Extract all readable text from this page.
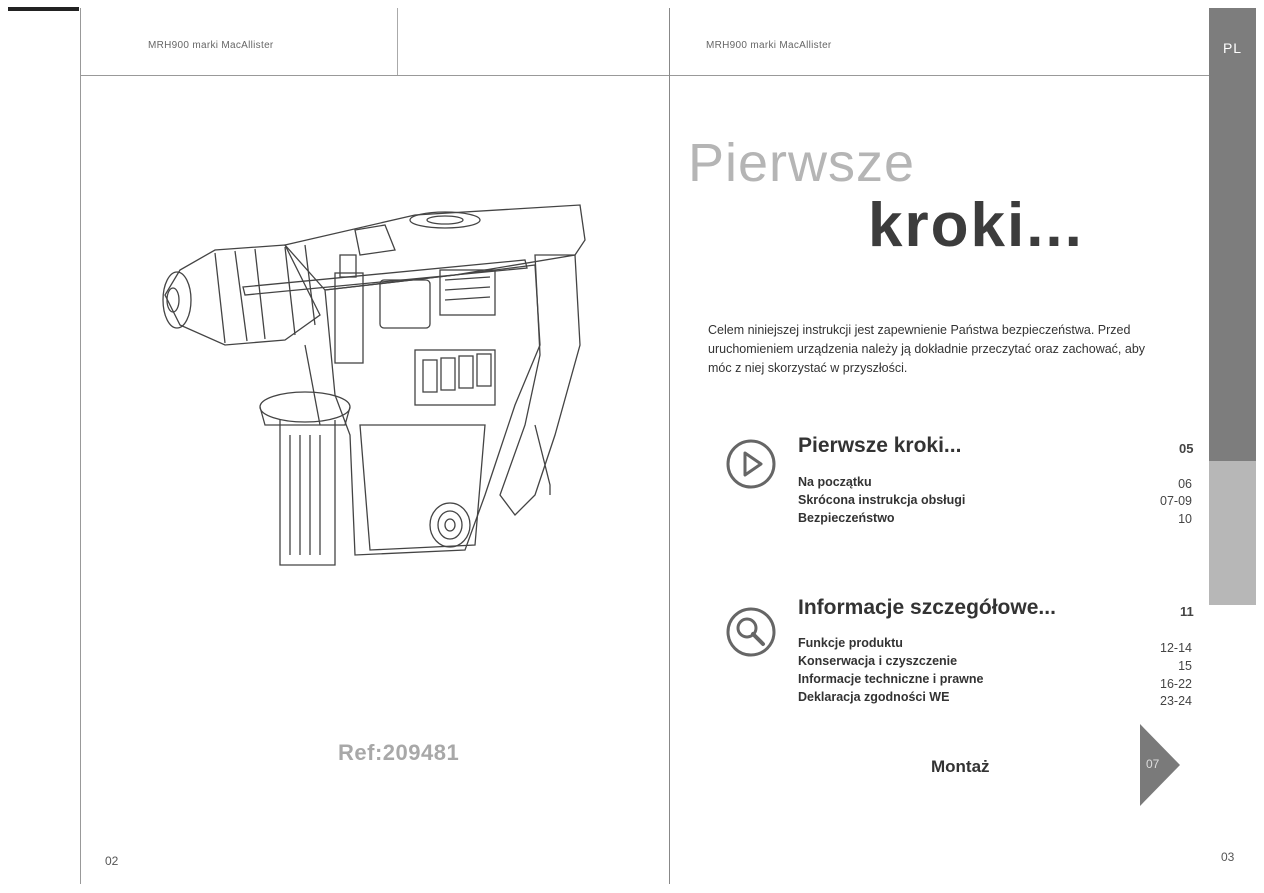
MRH900 marki MacAllister
Ref:209481
02
MRH900 marki MacAllister	PL
Pierwsze
kroki...
Celem niniejszej instrukcji jest zapewnienie Państwa bezpieczeństwa. Przed uruchomieniem urządzenia należy ją dokładnie przeczytać oraz zachować, aby móc z niej skorzystać w przyszłości.
Pierwsze kroki...	05
Na początku	06
Skrócona instrukcja obsługi	07-09
Bezpieczeństwo	10
Informacje szczegółowe...	11
Funkcje produktu	12-14
Konserwacja i czyszczenie	15
Informacje techniczne i prawne	16-22
Deklaracja zgodności WE	23-24
Montaż	07
03
